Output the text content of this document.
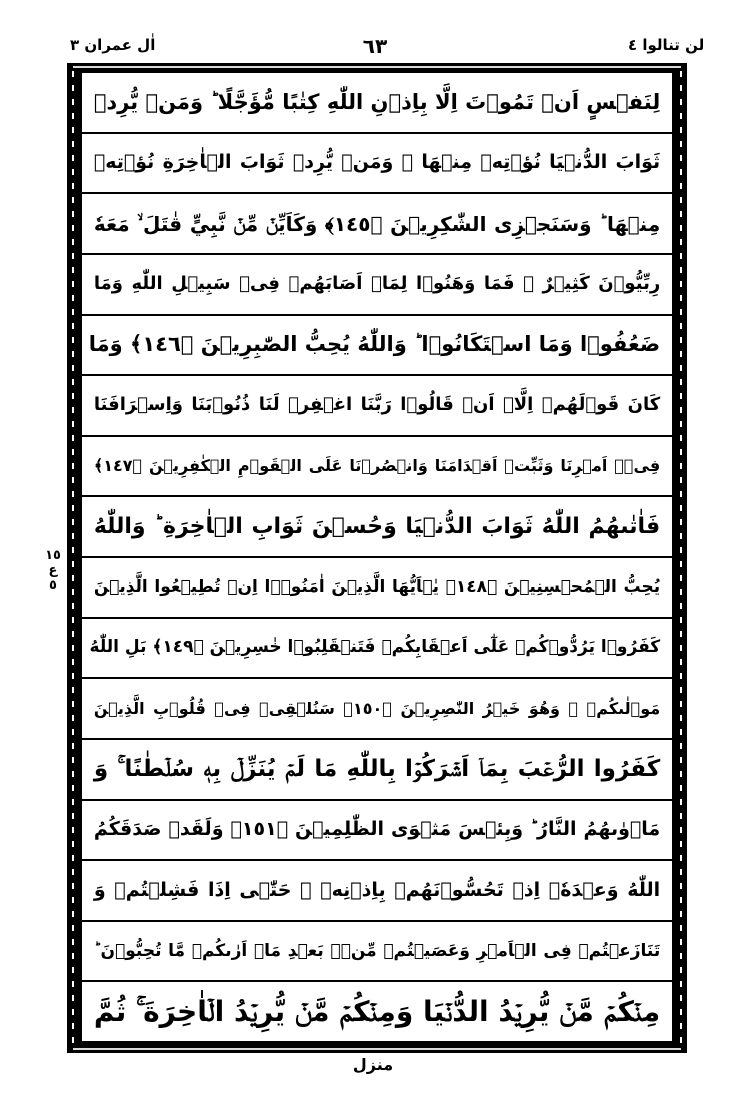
اٰل عمران ٣	٦٣	لن تنالوا ٤
١٥
ع
٥
لِنَفۡسٍ اَنۡ تَمُوۡتَ اِلَّا بِاِذۡنِ اللّٰهِ كِتٰبًا مُّؤَجَّلًا ؕ وَمَنۡ يُّرِدۡ
ثَوَابَ الدُّنۡيَا نُؤۡتِهٖ مِنۡهَا ۚ وَمَنۡ يُّرِدۡ ثَوَابَ الۡاٰخِرَةِ نُؤۡتِهٖ
مِنۡهَا ؕ وَسَنَجۡزِى الشّٰكِرِيۡنَ ﴿١٤٥﴾ وَكَاَيِّنۡ مِّنۡ نَّبِيٍّ قٰتَلَ ۙ مَعَهٗ
رِبِّيُّوۡنَ كَثِيۡرٌ ۚ فَمَا وَهَنُوۡا لِمَاۤ اَصَابَهُمۡ فِىۡ سَبِيۡلِ اللّٰهِ وَمَا
ضَعُفُوۡا وَمَا اسۡتَكَانُوۡا ؕ وَاللّٰهُ يُحِبُّ الصّٰبِرِيۡنَ ﴿١٤٦﴾ وَمَا
كَانَ قَوۡلَهُمۡ اِلَّاۤ اَنۡ قَالُوۡا رَبَّنَا اغۡفِرۡ لَنَا ذُنُوۡبَنَا وَاِسۡرَافَنَا
فِىۡۤ اَمۡرِنَا وَثَبِّتۡ اَقۡدَامَنَا وَانۡصُرۡنَا عَلَى الۡقَوۡمِ الۡكٰفِرِيۡنَ ﴿١٤٧﴾
فَاٰتٰٮهُمُ اللّٰهُ ثَوَابَ الدُّنۡيَا وَحُسۡنَ ثَوَابِ الۡاٰخِرَةِ ؕ وَاللّٰهُ
يُحِبُّ الۡمُحۡسِنِيۡنَ ﴿١٤٨﴾ يٰۤاَيُّهَا الَّذِيۡنَ اٰمَنُوۡۤا اِنۡ تُطِيۡعُوا الَّذِيۡنَ
كَفَرُوۡا يَرُدُّوۡكُمۡ عَلٰٓى اَعۡقَابِكُمۡ فَتَنۡقَلِبُوۡا خٰسِرِيۡنَ ﴿١٤٩﴾ بَلِ اللّٰهُ
مَوۡلٰٮكُمۡ ۚ وَهُوَ خَيۡرُ النّٰصِرِيۡنَ ﴿١٥٠﴾ سَنُلۡقِىۡ فِىۡ قُلُوۡبِ الَّذِيۡنَ
كَفَرُوا الرُّعۡبَ بِمَاۤ اَشۡرَكُوۡا بِاللّٰهِ مَا لَمۡ يُنَزِّلۡ بِهٖ سُلۡطٰنًا ۚ وَ
مَاۡوٰٮهُمُ النَّارُ ؕ وَبِئۡسَ مَثۡوَى الظّٰلِمِيۡنَ ﴿١٥١﴾ وَلَقَدۡ صَدَقَكُمُ
اللّٰهُ وَعۡدَهٗۤ اِذۡ تَحُسُّوۡنَهُمۡ بِاِذۡنِهٖ ۚ حَتّٰۤى اِذَا فَشِلۡتُمۡ وَ
تَنَازَعۡتُمۡ فِى الۡاَمۡرِ وَعَصَيۡتُمۡ مِّنۡۢ بَعۡدِ مَاۤ اَرٰٮكُمۡ مَّا تُحِبُّوۡنَ ؕ
مِنۡكُمۡ مَّنۡ يُّرِيۡدُ الدُّنۡيَا وَمِنۡكُمۡ مَّنۡ يُّرِيۡدُ الۡاٰخِرَةَ ۚ ثُمَّ
منزل
